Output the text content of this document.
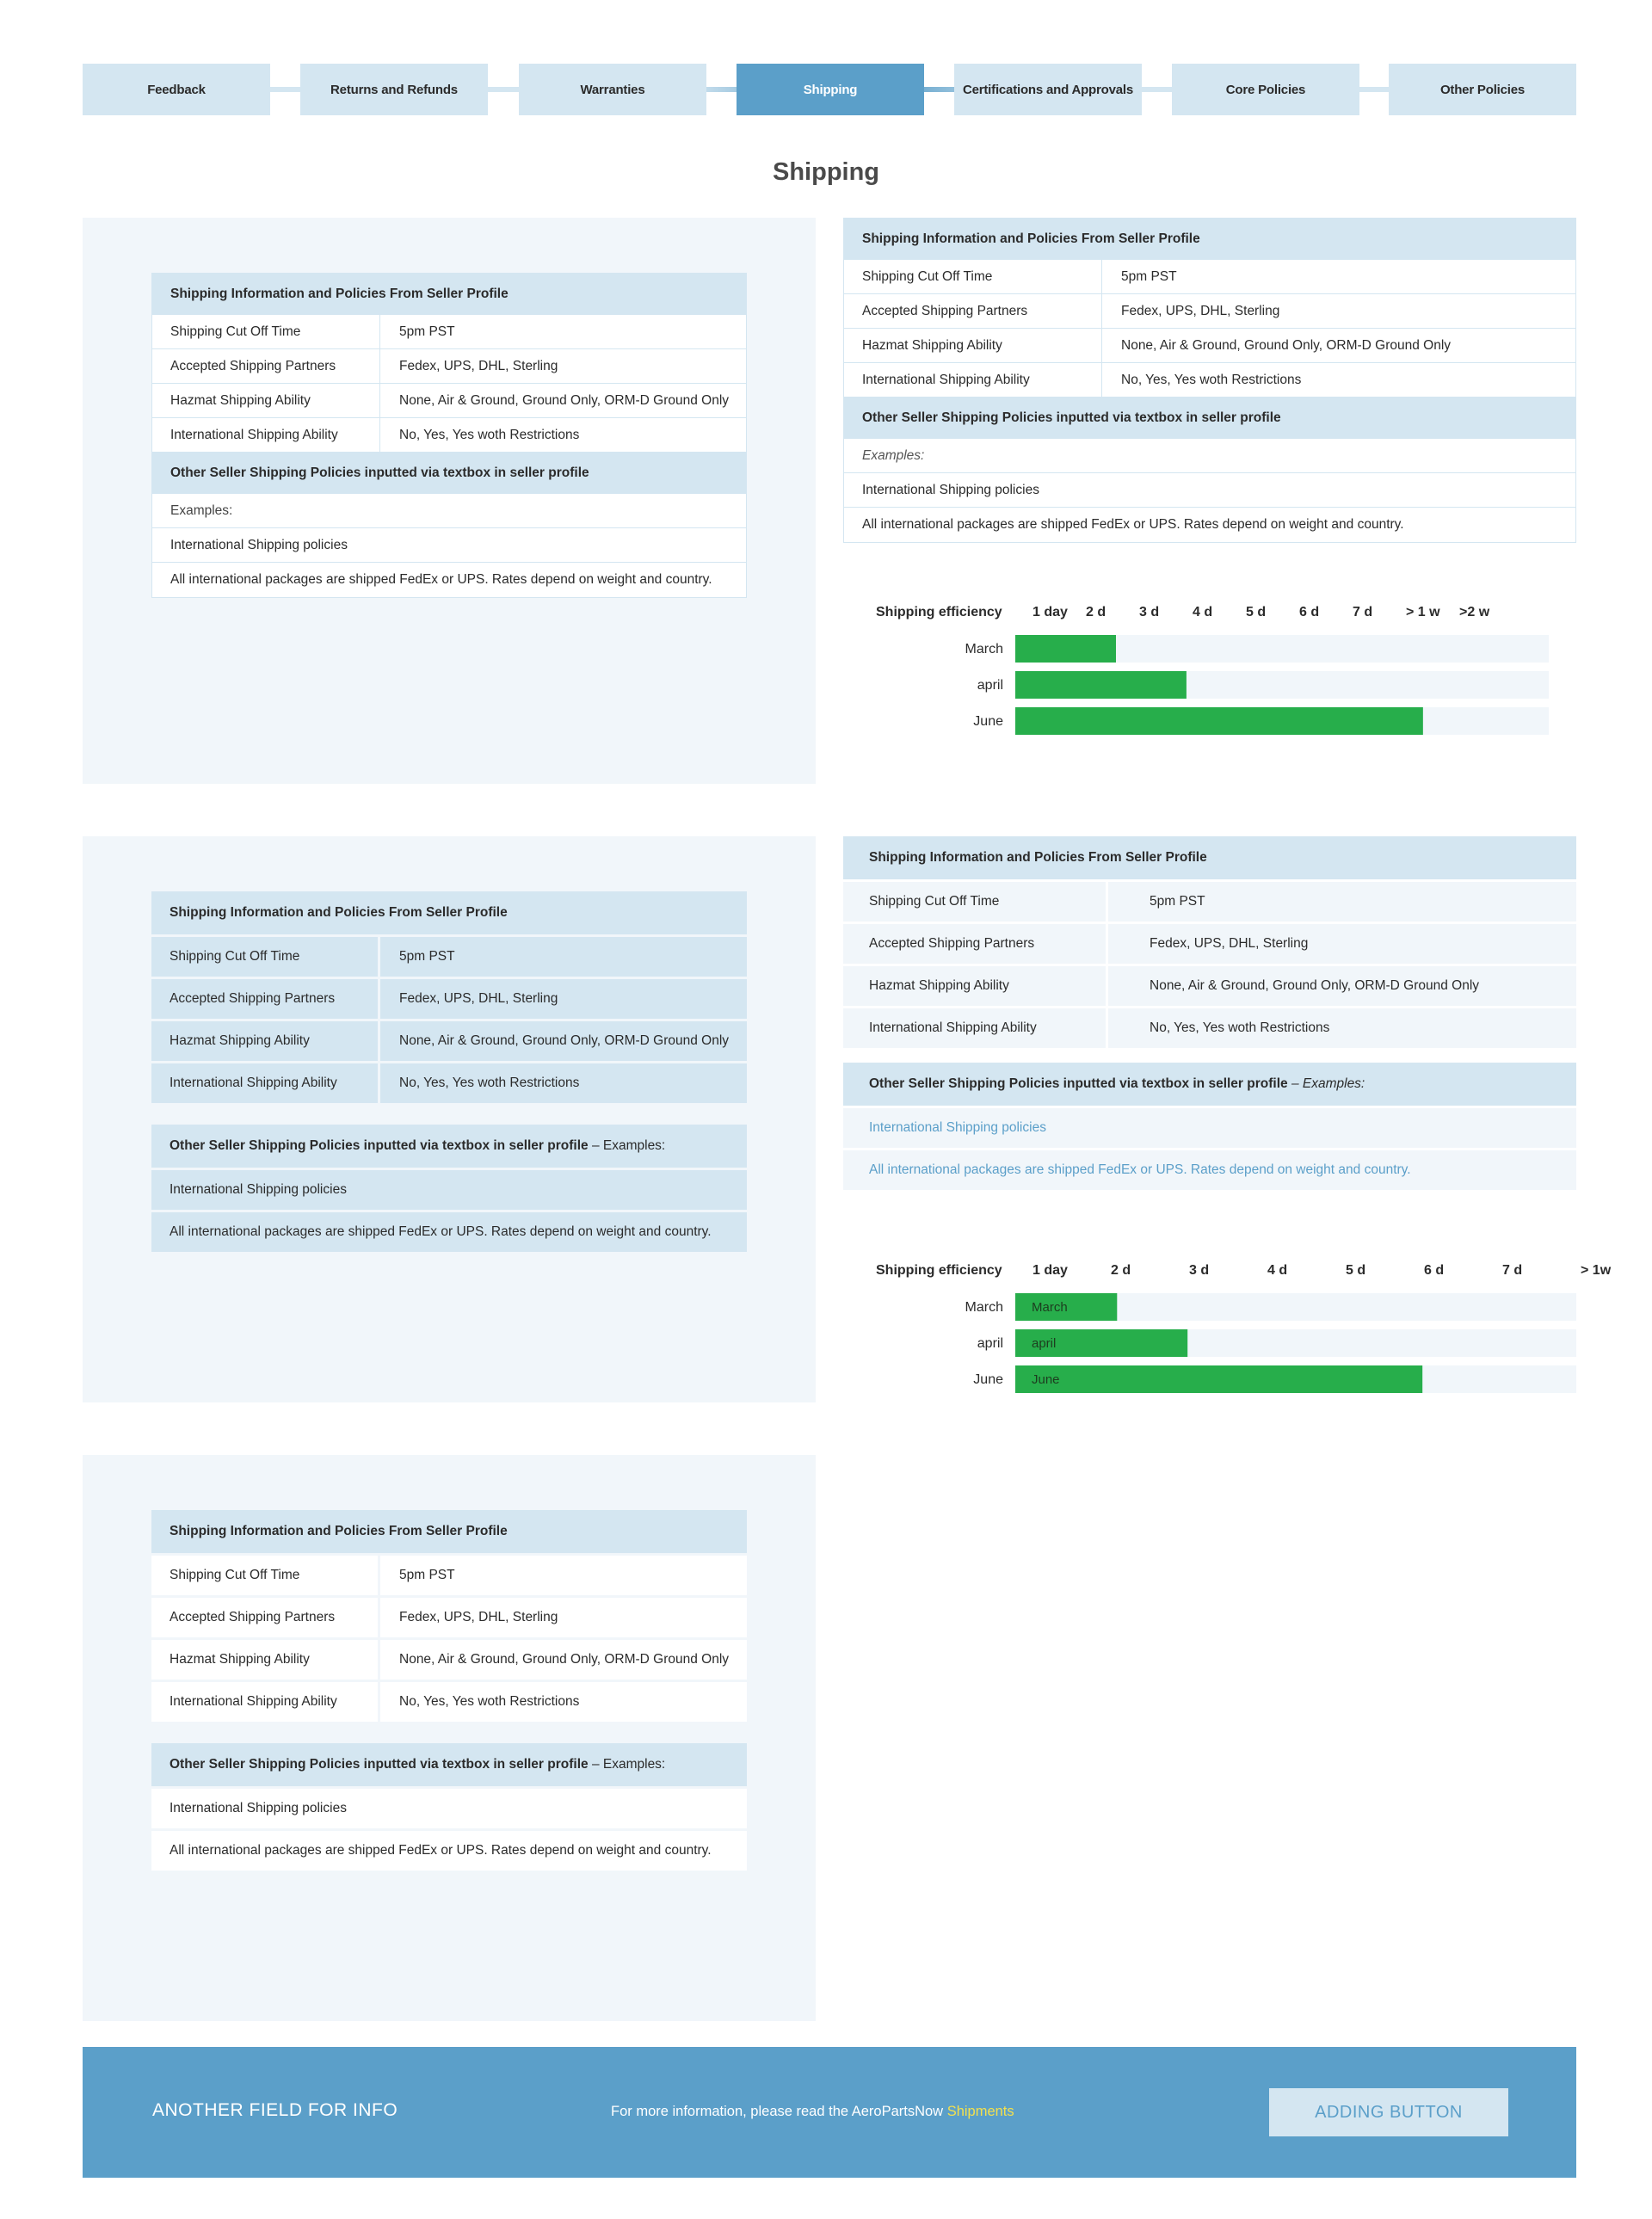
Feedback	Returns and Refunds	Warranties	Shipping	Certifications and Approvals	Core Policies	Other Policies
Shipping
Shipping Information and Policies From Seller Profile
Shipping Cut Off Time	5pm PST
Accepted Shipping Partners	Fedex, UPS, DHL, Sterling
Hazmat Shipping Ability	None, Air & Ground, Ground Only, ORM-D Ground Only
International Shipping Ability	No, Yes, Yes woth Restrictions
Other Seller Shipping Policies inputted via textbox in seller profile
Examples:
International Shipping policies
All international packages are shipped FedEx or UPS. Rates depend on weight and country.
Shipping Information and Policies From Seller Profile
Shipping Cut Off Time	5pm PST
Accepted Shipping Partners	Fedex, UPS, DHL, Sterling
Hazmat Shipping Ability	None, Air & Ground, Ground Only, ORM-D Ground Only
International Shipping Ability	No, Yes, Yes woth Restrictions
Other Seller Shipping Policies inputted via textbox in seller profile
Examples:
International Shipping policies
All international packages are shipped FedEx or UPS. Rates depend on weight and country.
Shipping efficiency 1 day 2 d 3 d 4 d 5 d 6 d 7 d > 1 w >2 w
March
april
June
Shipping Information and Policies From Seller Profile
Shipping Cut Off Time	5pm PST
Accepted Shipping Partners	Fedex, UPS, DHL, Sterling
Hazmat Shipping Ability	None, Air & Ground, Ground Only, ORM-D Ground Only
International Shipping Ability	No, Yes, Yes woth Restrictions
Other Seller Shipping Policies inputted via textbox in seller profile
– Examples:
International Shipping policies
All international packages are shipped FedEx or UPS. Rates depend on weight and country.
Shipping Information and Policies From Seller Profile
Shipping Cut Off Time	5pm PST
Accepted Shipping Partners	Fedex, UPS, DHL, Sterling
Hazmat Shipping Ability	None, Air & Ground, Ground Only, ORM-D Ground Only
International Shipping Ability	No, Yes, Yes woth Restrictions
Other Seller Shipping Policies inputted via textbox in seller profile
– Examples:
International Shipping policies
All international packages are shipped FedEx or UPS. Rates depend on weight and country.
Shipping efficiency 1 day	2 d	3 d	4 d	5 d	6 d	7 d	> 1w
March March
april april
June June
Shipping Information and Policies From Seller Profile
Shipping Cut Off Time	5pm PST
Accepted Shipping Partners	Fedex, UPS, DHL, Sterling
Hazmat Shipping Ability	None, Air & Ground, Ground Only, ORM-D Ground Only
International Shipping Ability	No, Yes, Yes woth Restrictions
Other Seller Shipping Policies inputted via textbox in seller profile
– Examples:
International Shipping policies
All international packages are shipped FedEx or UPS. Rates depend on weight and country.
ANOTHER FIELD FOR INFO	For more information, please read the AeroPartsNow Shipments	ADDING BUTTON
